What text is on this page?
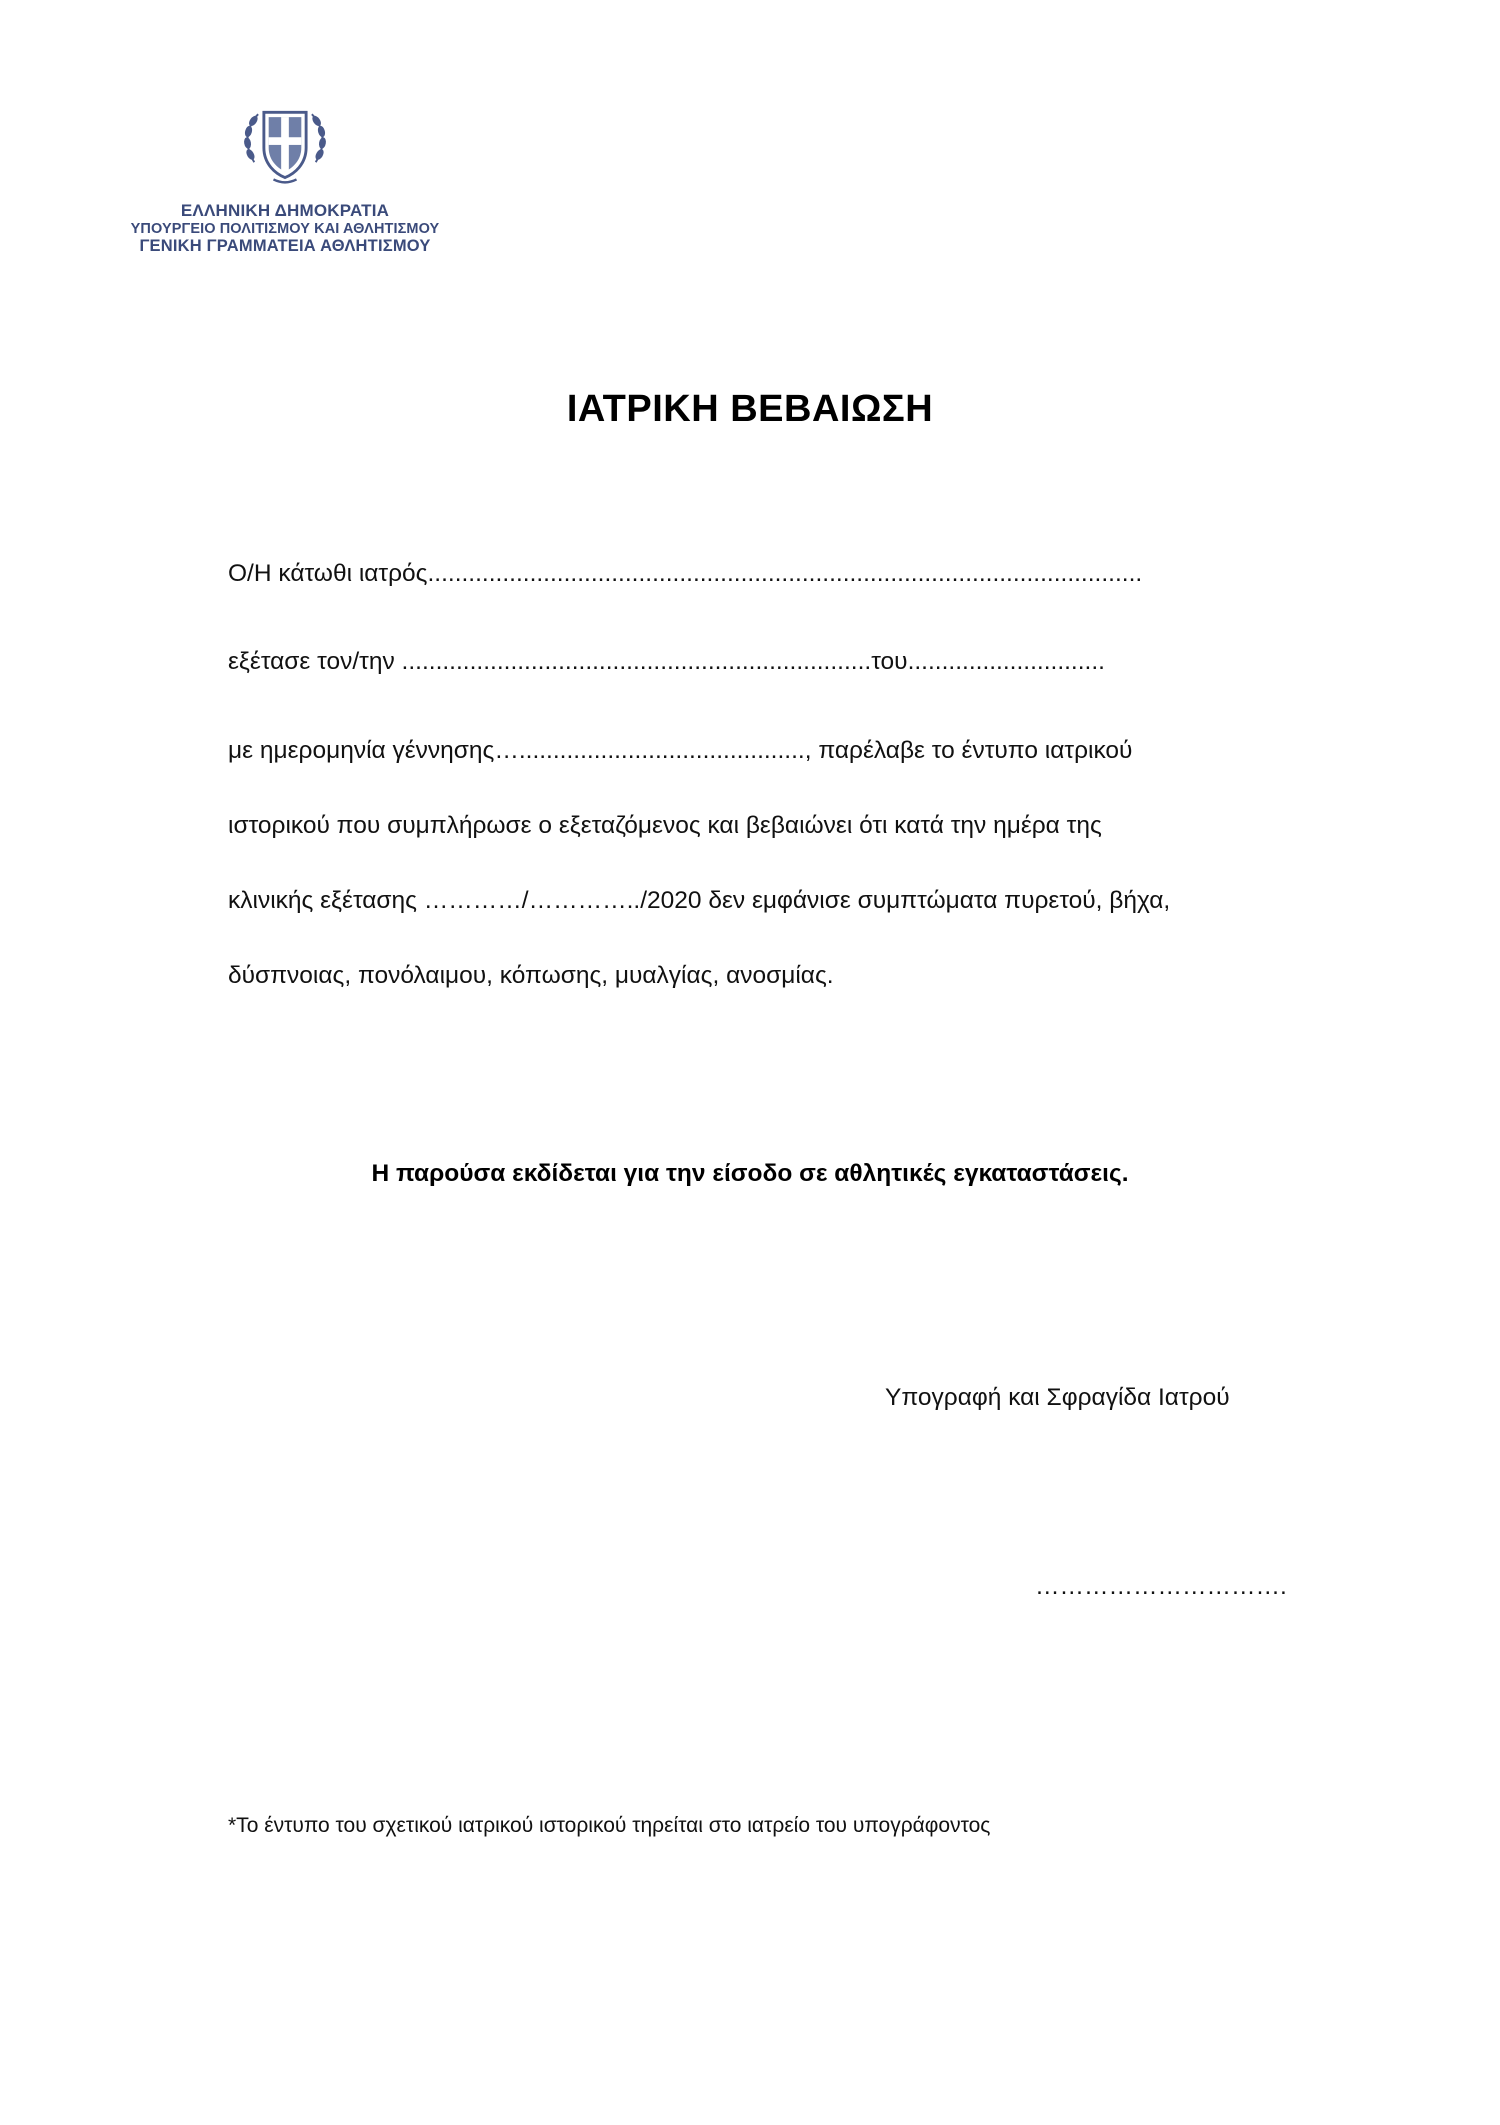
ΕΛΛΗΝΙΚΗ ΔΗΜΟΚΡΑΤΙΑ
ΥΠΟΥΡΓΕΙΟ ΠΟΛΙΤΙΣΜΟΥ ΚΑΙ ΑΘΛΗΤΙΣΜΟΥ
ΓΕΝΙΚΗ ΓΡΑΜΜΑΤΕΙΑ ΑΘΛΗΤΙΣΜΟΥ
ΙΑΤΡΙΚΗ ΒΕΒΑΙΩΣΗ
Ο/Η κάτωθι ιατρός.........................................................................................................
εξέτασε τον/την .....................................................................του.............................
με ημερομηνία γέννησης….........................................., παρέλαβε το έντυπο ιατρικού
ιστορικού που συμπλήρωσε ο εξεταζόμενος και βεβαιώνει ότι κατά την ημέρα της
κλινικής εξέτασης …………/…………../2020 δεν εμφάνισε συμπτώματα πυρετού, βήχα,
δύσπνοιας, πονόλαιμου, κόπωσης, μυαλγίας, ανοσμίας.
Η παρούσα εκδίδεται για την είσοδο σε αθλητικές εγκαταστάσεις.
Υπογραφή και Σφραγίδα Ιατρού
………………………….
*Το έντυπο του σχετικού ιατρικού ιστορικού τηρείται στο ιατρείο του υπογράφοντος
